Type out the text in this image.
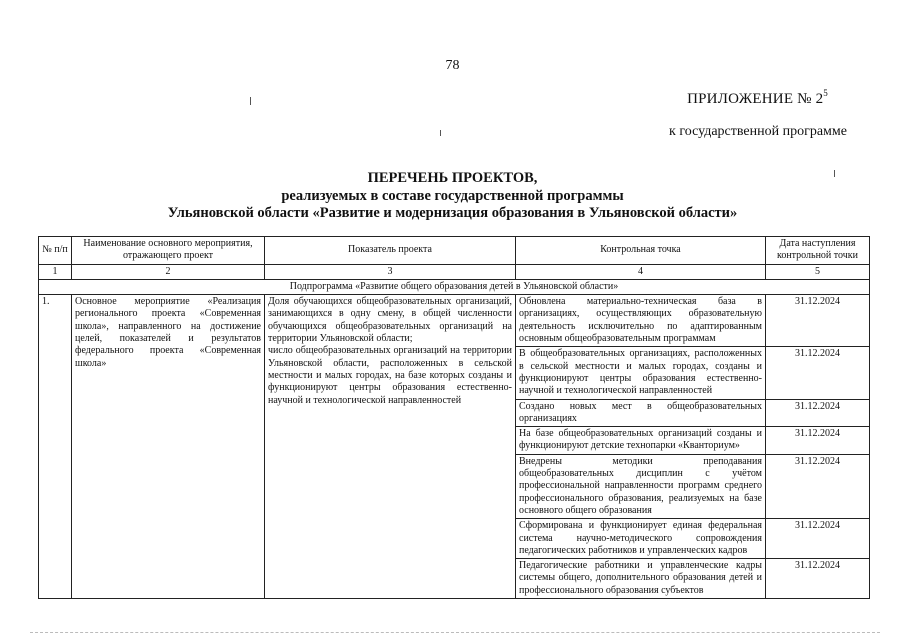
78
ПРИЛОЖЕНИЕ № $2^5$
к государственной программе
ПЕРЕЧЕНЬ ПРОЕКТОВ,
реализуемых в составе государственной программы
Ульяновской области «Развитие и модернизация образования в Ульяновской области»
№ п/п	Наименование основного мероприятия, отражающего проект	Показатель проекта	Контрольная точка	Дата наступления контрольной точки
1	2	3	4	5
Подпрограмма «Развитие общего образования детей в Ульяновской области»				
1.	Основное мероприятие «Реализация регионального проекта «Современная школа», направленного на достижение целей, показателей и результатов федерального проекта «Современная школа»	Доля обучающихся общеобразовательных организаций, занимающихся в одну смену, в общей численности обучающихся общеобразовательных организаций на территории Ульяновской области;
число общеобразовательных организаций на территории Ульяновской области, расположенных в сельской местности и малых городах, на базе которых созданы и функционируют центры образования естественно-научной и технологической направленностей	Обновлена материально-техническая база в организациях, осуществляющих образовательную деятельность исключительно по адаптированным основным общеобразовательным программам	31.12.2024
			В общеобразовательных организациях, расположенных в сельской местности и малых городах, созданы и функционируют центры образования естественно-научной и технологической направленностей	31.12.2024
			Создано новых мест в общеобразовательных организациях	31.12.2024
			На базе общеобразовательных организаций созданы и функционируют детские технопарки «Кванториум»	31.12.2024
			Внедрены методики преподавания общеобразовательных дисциплин с учётом профессиональной направленности программ среднего профессионального образования, реализуемых на базе основного общего образования	31.12.2024
			Сформирована и функционирует единая федеральная система научно-методического сопровождения педагогических работников и управленческих кадров	31.12.2024
			Педагогические работники и управленческие кадры системы общего, дополнительного образования детей и профессионального образования субъектов	31.12.2024
